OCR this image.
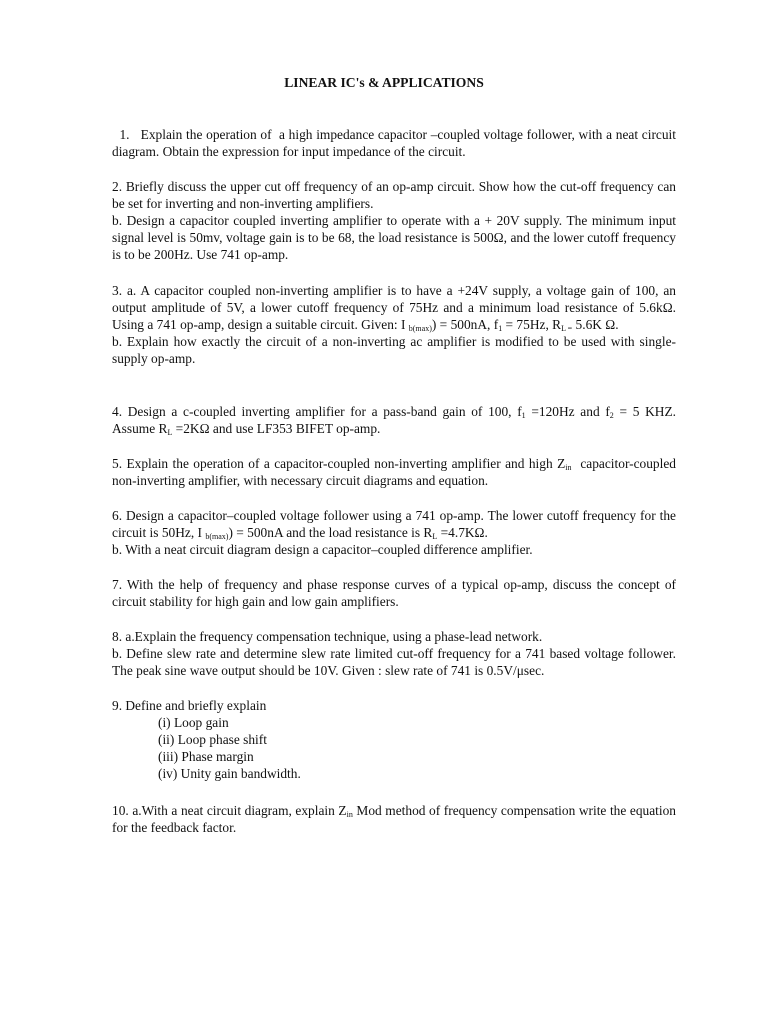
LINEAR IC's & APPLICATIONS

1.   Explain the operation of  a high impedance capacitor –coupled voltage follower, with a neat circuit diagram. Obtain the expression for input impedance of the circuit.

2. Briefly discuss the upper cut off frequency of an op-amp circuit. Show how the cut-off frequency can be set for inverting and non-inverting amplifiers.

b. Design a capacitor coupled inverting amplifier to operate with a + 20V supply. The minimum input signal level is 50mv, voltage gain is to be 68, the load resistance is 500Ω, and the lower cutoff frequency is to be 200Hz. Use 741 op-amp.

3. a. A capacitor coupled non-inverting amplifier is to have a +24V supply, a voltage gain of 100, an output amplitude of 5V, a lower cutoff frequency of 75Hz and a minimum load resistance of 5.6kΩ. Using a 741 op-amp, design a suitable circuit. Given: I $_{b(max)}$) = 500nA, $f_1 = 75Hz$, $R_{L =}$ 5.6K Ω.

b. Explain how exactly the circuit of a non-inverting ac amplifier is modified to be used with single-supply op-amp.

4. Design a c-coupled inverting amplifier for a pass-band gain of 100, $f_1 =120Hz$ and $f_2 = 5$ KHZ. Assume $R_L =2K\Omega$ and use LF353 BIFET op-amp.

5. Explain the operation of a capacitor-coupled non-inverting amplifier and high $Z_{in}$  capacitor-coupled non-inverting amplifier, with necessary circuit diagrams and equation.

6. Design a capacitor–coupled voltage follower using a 741 op-amp. The lower cutoff frequency for the circuit is 50Hz, I $_{b(max)}$) = 500nA and the load resistance is $R_L =4.7K\Omega$.

b. With a neat circuit diagram design a capacitor–coupled difference amplifier.

7. With the help of frequency and phase response curves of a typical op-amp, discuss the concept of circuit stability for high gain and low gain amplifiers.

8. a.Explain the frequency compensation technique, using a phase-lead network.

b. Define slew rate and determine slew rate limited cut-off frequency for a 741 based voltage follower. The peak sine wave output should be 10V. Given : slew rate of 741 is 0.5V/μsec.

9. Define and briefly explain

(i) Loop gain
(ii) Loop phase shift
(iii) Phase margin
(iv) Unity gain bandwidth.

10. a.With a neat circuit diagram, explain $Z_{in}$ Mod method of frequency compensation write the equation for the feedback factor.
